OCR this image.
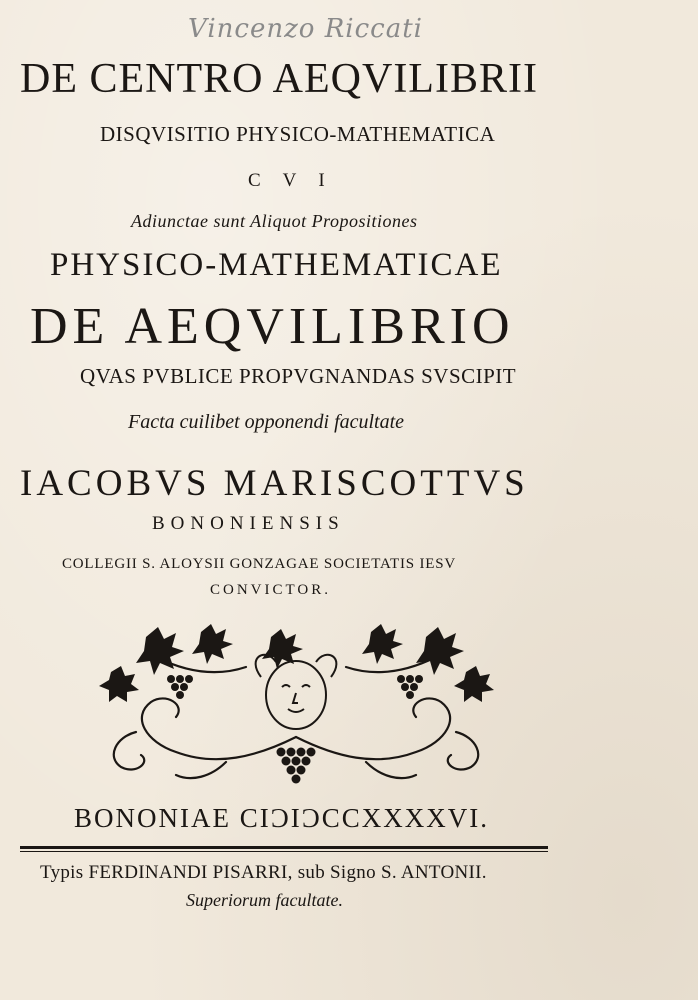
Vincenzo Riccati

DE CENTRO AEQVILIBRII

DISQVISITIO PHYSICO-MATHEMATICA

CVI

Adiunctae sunt Aliquot Propositiones

PHYSICO-MATHEMATICAE

DE AEQVILIBRIO

QVAS PVBLICE PROPVGNANDAS SVSCIPIT

Facta cuilibet opponendi facultate

IACOBVS MARISCOTTVS

BONONIENSIS

COLLEGII S. ALOYSII GONZAGAE SOCIETATIS IESV

CONVICTOR.

BONONIAE CIƆIƆCCXXXXVI.

Typis FERDINANDI PISARRI, sub Signo S. ANTONII.

Superiorum facultate.
